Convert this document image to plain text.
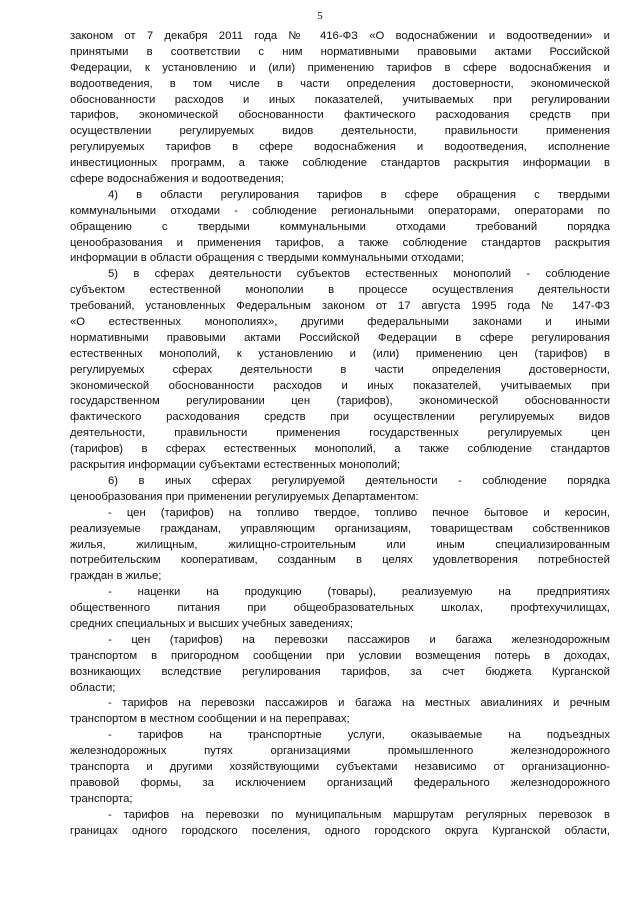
5
законом от 7 декабря 2011 года № 416-ФЗ «О водоснабжении и водоотведении» и
принятыми в соответствии с ним нормативными правовыми актами Российской
Федерации, к установлению и (или) применению тарифов в сфере водоснабжения и
водоотведения, в том числе в части определения достоверности, экономической
обоснованности расходов и иных показателей, учитываемых при регулировании
тарифов, экономической обоснованности фактического расходования средств при
осуществлении регулируемых видов деятельности, правильности применения
регулируемых тарифов в сфере водоснабжения и водоотведения, исполнение
инвестиционных программ, а также соблюдение стандартов раскрытия информации в
сфере водоснабжения и водоотведения;
4) в области регулирования тарифов в сфере обращения с твердыми
коммунальными отходами - соблюдение региональными операторами, операторами по
обращению с твердыми коммунальными отходами требований порядка
ценообразования и применения тарифов, а также соблюдение стандартов раскрытия
информации в области обращения с твердыми коммунальными отходами;
5) в сферах деятельности субъектов естественных монополий - соблюдение
субъектом естественной монополии в процессе осуществления деятельности
требований, установленных Федеральным законом от 17 августа 1995 года № 147-ФЗ
«О естественных монополиях», другими федеральными законами и иными
нормативными правовыми актами Российской Федерации в сфере регулирования
естественных монополий, к установлению и (или) применению цен (тарифов) в
регулируемых сферах деятельности в части определения достоверности,
экономической обоснованности расходов и иных показателей, учитываемых при
государственном регулировании цен (тарифов), экономической обоснованности
фактического расходования средств при осуществлении регулируемых видов
деятельности, правильности применения государственных регулируемых цен
(тарифов) в сферах естественных монополий, а также соблюдение стандартов
раскрытия информации субъектами естественных монополий;
6) в иных сферах регулируемой деятельности - соблюдение порядка
ценообразования при применении регулируемых Департаментом:
- цен (тарифов) на топливо твердое, топливо печное бытовое и керосин,
реализуемые гражданам, управляющим организациям, товариществам собственников
жилья, жилищным, жилищно-строительным или иным специализированным
потребительским кооперативам, созданным в целях удовлетворения потребностей
граждан в жилье;
- наценки на продукцию (товары), реализуемую на предприятиях
общественного питания при общеобразовательных школах, профтехучилищах,
средних специальных и высших учебных заведениях;
- цен (тарифов) на перевозки пассажиров и багажа железнодорожным
транспортом в пригородном сообщении при условии возмещения потерь в доходах,
возникающих вследствие регулирования тарифов, за счет бюджета Курганской
области;
- тарифов на перевозки пассажиров и багажа на местных авиалиниях и речным
транспортом в местном сообщении и на переправах;
- тарифов на транспортные услуги, оказываемые на подъездных
железнодорожных путях организациями промышленного железнодорожного
транспорта и другими хозяйствующими субъектами независимо от организационно-
правовой формы, за исключением организаций федерального железнодорожного
транспорта;
- тарифов на перевозки по муниципальным маршрутам регулярных перевозок в
границах одного городского поселения, одного городского округа Курганской области,
